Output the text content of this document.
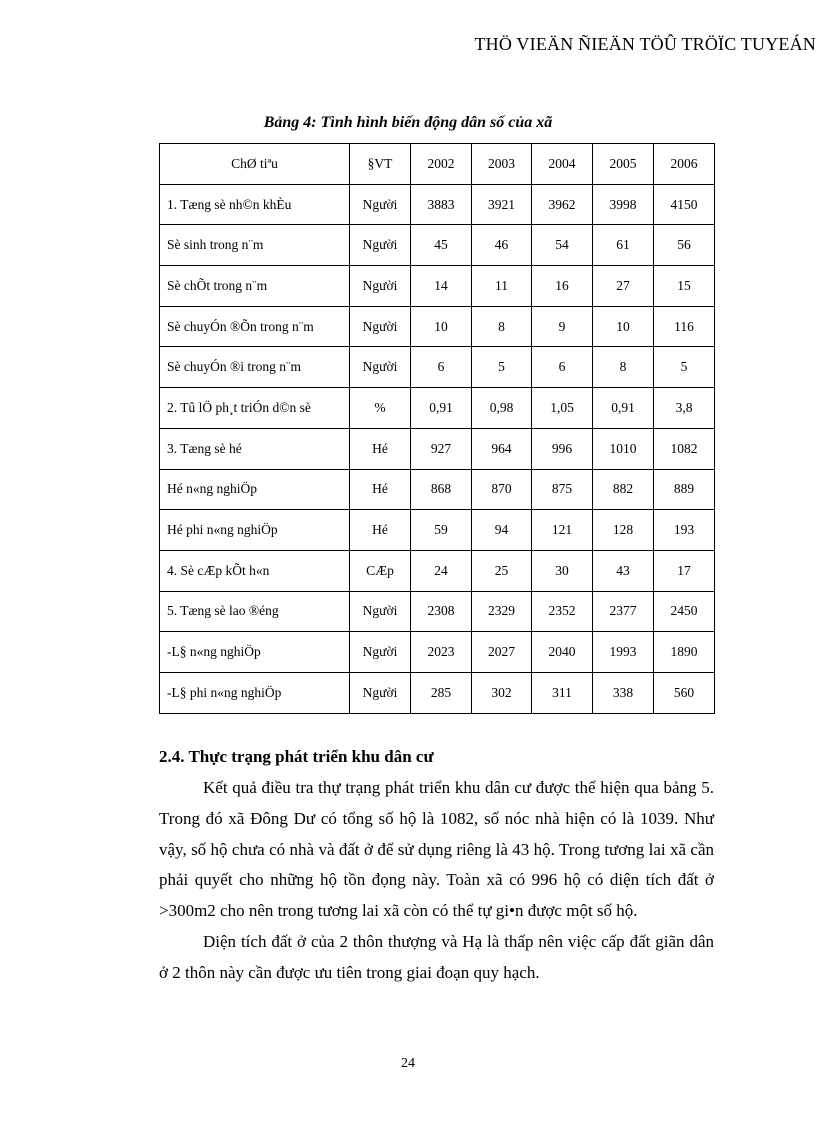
THÖ VIEÄN ÑIEÄN TÖÛ TRÖÏC TUYEÁN
Bảng 4: Tình hình biến động dân số của xã
ChØ tiªu	§VT	2002	2003	2004	2005	2006
1. Tæng sè nh©n khÈu	Người	3883	3921	3962	3998	4150
Sè sinh trong n¨m	Người	45	46	54	61	56
Sè chÕt trong n¨m	Người	14	11	16	27	15
Sè chuyÓn ®Õn trong n¨m	Người	10	8	9	10	116
Sè chuyÓn ®i trong n¨m	Người	6	5	6	8	5
2. Tû lÖ ph¸t triÓn d©n sè	%	0,91	0,98	1,05	0,91	3,8
3. Tæng sè hé	Hé	927	964	996	1010	1082
Hé n«ng nghiÖp	Hé	868	870	875	882	889
Hé phi n«ng nghiÖp	Hé	59	94	121	128	193
4. Sè cÆp kÕt h«n	CÆp	24	25	30	43	17
5. Tæng sè lao ®éng	Người	2308	2329	2352	2377	2450
-L§ n«ng nghiÖp	Người	2023	2027	2040	1993	1890
-L§ phi n«ng nghiÖp	Người	285	302	311	338	560
2.4. Thực trạng phát triển khu dân cư
Kết quả điều tra thự trạng phát triển khu dân cư được thể hiện qua bảng 5. Trong đó xã Đông Dư có tổng số hộ là 1082, số nóc nhà hiện có là 1039. Như vậy, số hộ chưa có nhà và đất ở để sử dụng riêng là 43 hộ. Trong tương lai xã cần phải quyết cho những hộ tồn đọng này. Toàn xã có 996 hộ có diện tích đất ở >300m2 cho nên trong tương lai xã còn có thể tự gi•n được một số hộ.
Diện tích đất ở của 2 thôn thượng và Hạ là thấp nên việc cấp đất giãn dân ở 2 thôn này cần được ưu tiên trong giai đoạn quy hạch.
24
